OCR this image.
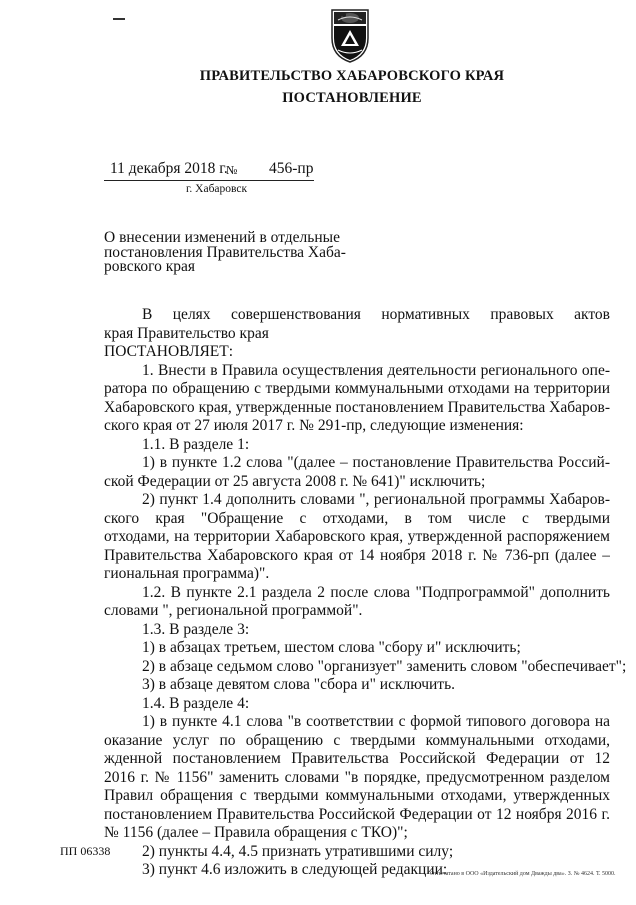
ПРАВИТЕЛЬСТВО ХАБАРОВСКОГО КРАЯ
ПОСТАНОВЛЕНИЕ
11 декабря 2018 г.
№ 456-пр
г. Хабаровск
О внесении изменений в отдельные
постановления Правительства Хаба-
ровского края
В целях совершенствования нормативных правовых актов
края Правительство края
ПОСТАНОВЛЯЕТ:
1. Внести в Правила осуществления деятельности регионального опе-
ратора по обращению с твердыми коммунальными отходами на территории
Хабаровского края, утвержденные постановлением Правительства Хабаров-
ского края от 27 июля 2017 г. № 291-пр, следующие изменения:
1.1. В разделе 1:
1) в пункте 1.2 слова "(далее – постановление Правительства Россий-
ской Федерации от 25 августа 2008 г. № 641)" исключить;
2) пункт 1.4 дополнить словами ", региональной программы Хабаров-
ского края "Обращение с отходами, в том числе с твердыми
отходами, на территории Хабаровского края, утвержденной распоряжением
Правительства Хабаровского края от 14 ноября 2018 г. № 736-рп (далее –
гиональная программа)".
1.2. В пункте 2.1 раздела 2 после слова "Подпрограммой" дополнить
словами ", региональной программой".
1.3. В разделе 3:
1) в абзацах третьем, шестом слова "сбору и" исключить;
2) в абзаце седьмом слово "организует" заменить словом "обеспечивает";
3) в абзаце девятом слова "сбора и" исключить.
1.4. В разделе 4:
1) в пункте 4.1 слова "в соответствии с формой типового договора на
оказание услуг по обращению с твердыми коммунальными отходами,
жденной постановлением Правительства Российской Федерации от 12
2016 г. № 1156" заменить словами "в порядке, предусмотренном разделом
Правил обращения с твердыми коммунальными отходами, утвержденных
постановлением Правительства Российской Федерации от 12 ноября 2016 г.
№ 1156 (далее – Правила обращения с ТКО)";
2) пункты 4.4, 4.5 признать утратившими силу;
3) пункт 4.6 изложить в следующей редакции:
ПП 06338
Отпечатано в ООО «Издательский дом Дважды два». З. № 4624. Т. 5000.
